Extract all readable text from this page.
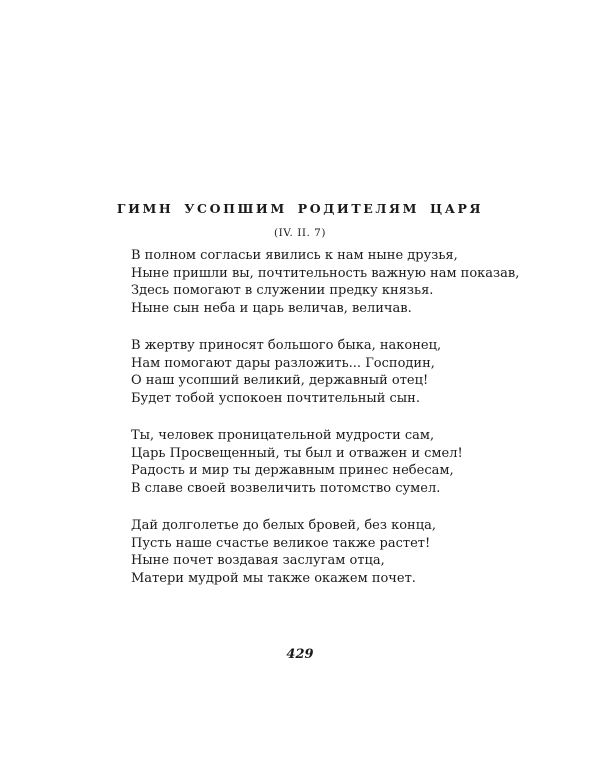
ГИМН УСОПШИМ РОДИТЕЛЯМ ЦАРЯ
(IV. II. 7)
В полном согласьи явились к нам ныне друзья,
Ныне пришли вы, почтительность важную нам показав,
Здесь помогают в служении предку князья.
Ныне сын неба и царь величав, величав.
В жертву приносят большого быка, наконец,
Нам помогают дары разложить... Господин,
О наш усопший великий, державный отец!
Будет тобой успокоен почтительный сын.
Ты, человек проницательной мудрости сам,
Царь Просвещенный, ты был и отважен и смел!
Радость и мир ты державным принес небесам,
В славе своей возвеличить потомство сумел.
Дай долголетье до белых бровей, без конца,
Пусть наше счастье великое также растет!
Ныне почет воздавая заслугам отца,
Матери мудрой мы также окажем почет.
429
